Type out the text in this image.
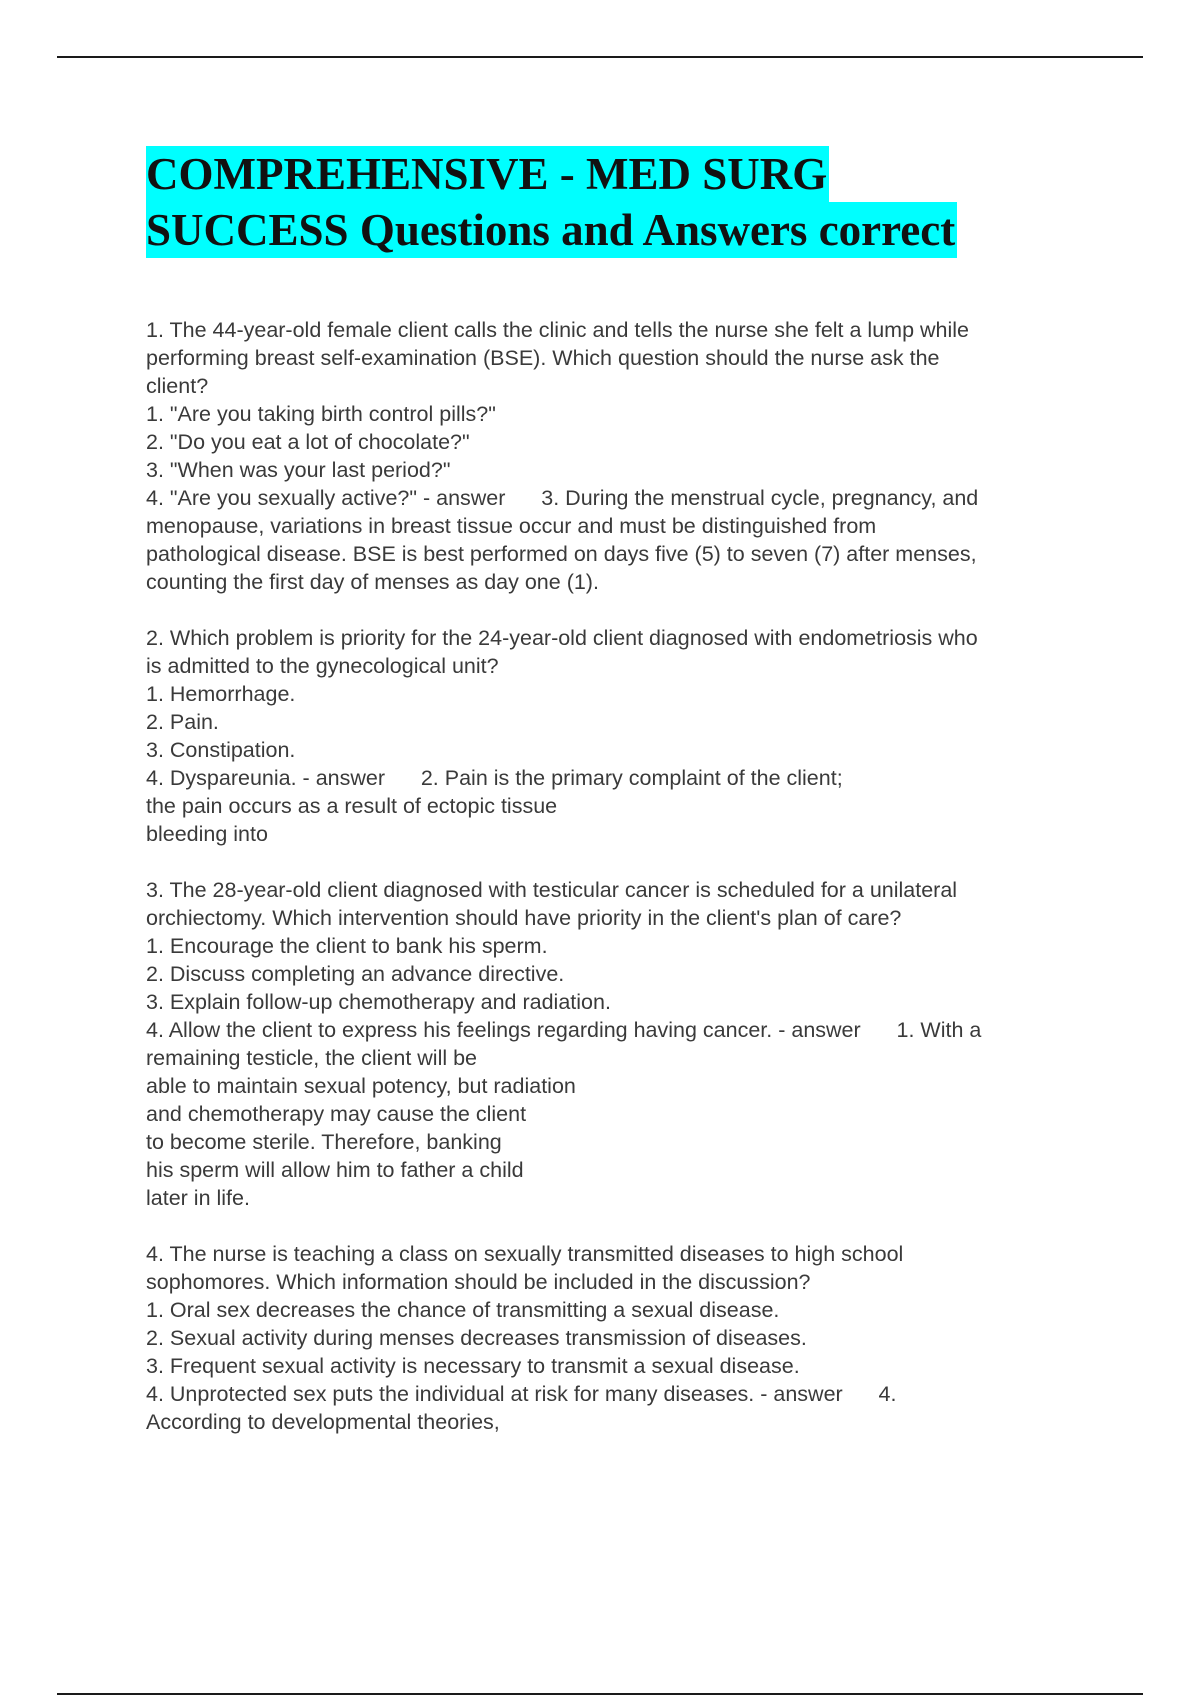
COMPREHENSIVE - MED SURG
SUCCESS Questions and Answers correct
1. The 44-year-old female client calls the clinic and tells the nurse she felt a lump while
performing breast self-examination (BSE). Which question should the nurse ask the
client?
1. "Are you taking birth control pills?"
2. "Do you eat a lot of chocolate?"
3. "When was your last period?"
4. "Are you sexually active?" - answer      3. During the menstrual cycle, pregnancy, and
menopause, variations in breast tissue occur and must be distinguished from
pathological disease. BSE is best performed on days five (5) to seven (7) after menses,
counting the first day of menses as day one (1).
2. Which problem is priority for the 24-year-old client diagnosed with endometriosis who
is admitted to the gynecological unit?
1. Hemorrhage.
2. Pain.
3. Constipation.
4. Dyspareunia. - answer      2. Pain is the primary complaint of the client;
the pain occurs as a result of ectopic tissue
bleeding into
3. The 28-year-old client diagnosed with testicular cancer is scheduled for a unilateral
orchiectomy. Which intervention should have priority in the client's plan of care?
1. Encourage the client to bank his sperm.
2. Discuss completing an advance directive.
3. Explain follow-up chemotherapy and radiation.
4. Allow the client to express his feelings regarding having cancer. - answer      1. With a
remaining testicle, the client will be
able to maintain sexual potency, but radiation
and chemotherapy may cause the client
to become sterile. Therefore, banking
his sperm will allow him to father a child
later in life.
4. The nurse is teaching a class on sexually transmitted diseases to high school
sophomores. Which information should be included in the discussion?
1. Oral sex decreases the chance of transmitting a sexual disease.
2. Sexual activity during menses decreases transmission of diseases.
3. Frequent sexual activity is necessary to transmit a sexual disease.
4. Unprotected sex puts the individual at risk for many diseases. - answer      4.
According to developmental theories,
